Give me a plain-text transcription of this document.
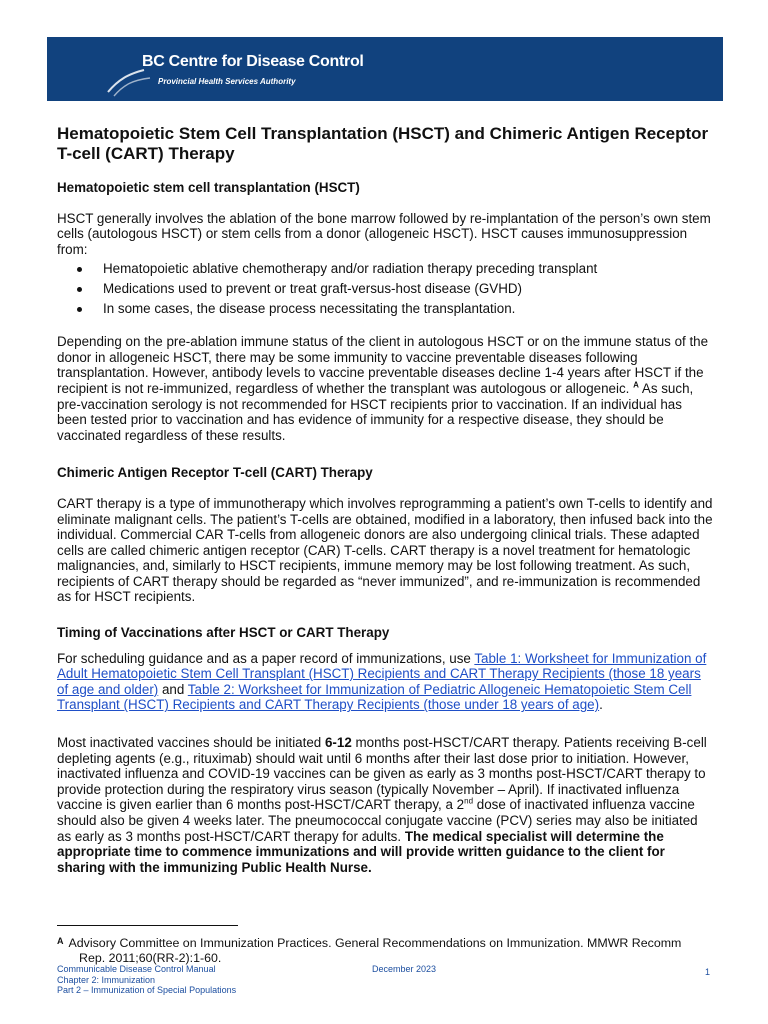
BC Centre for Disease Control
Provincial Health Services Authority
Hematopoietic Stem Cell Transplantation (HSCT) and Chimeric Antigen Receptor T-cell (CART) Therapy

Hematopoietic stem cell transplantation (HSCT)

HSCT generally involves the ablation of the bone marrow followed by re-implantation of the person’s own stem cells (autologous HSCT) or stem cells from a donor (allogeneic HSCT). HSCT causes immunosuppression from:

Hematopoietic ablative chemotherapy and/or radiation therapy preceding transplant
Medications used to prevent or treat graft-versus-host disease (GVHD)
In some cases, the disease process necessitating the transplantation.

Depending on the pre-ablation immune status of the client in autologous HSCT or on the immune status of the donor in allogeneic HSCT, there may be some immunity to vaccine preventable diseases following transplantation. However, antibody levels to vaccine preventable diseases decline 1-4 years after HSCT if the recipient is not re-immunized, regardless of whether the transplant was autologous or allogeneic. $^A$ As such, pre-vaccination serology is not recommended for HSCT recipients prior to vaccination. If an individual has been tested prior to vaccination and has evidence of immunity for a respective disease, they should be vaccinated regardless of these results.

Chimeric Antigen Receptor T-cell (CART) Therapy

CART therapy is a type of immunotherapy which involves reprogramming a patient’s own T-cells to identify and eliminate malignant cells. The patient’s T-cells are obtained, modified in a laboratory, then infused back into the individual. Commercial CAR T-cells from allogeneic donors are also undergoing clinical trials. These adapted cells are called chimeric antigen receptor (CAR) T-cells. CART therapy is a novel treatment for hematologic malignancies, and, similarly to HSCT recipients, immune memory may be lost following treatment. As such, recipients of CART therapy should be regarded as “never immunized”, and re-immunization is recommended as for HSCT recipients.

Timing of Vaccinations after HSCT or CART Therapy

For scheduling guidance and as a paper record of immunizations, use Table 1: Worksheet for Immunization of Adult Hematopoietic Stem Cell Transplant (HSCT) Recipients and CART Therapy Recipients (those 18 years of age and older) and Table 2: Worksheet for Immunization of Pediatric Allogeneic Hematopoietic Stem Cell Transplant (HSCT) Recipients and CART Therapy Recipients (those under 18 years of age).

Most inactivated vaccines should be initiated 6-12 months post-HSCT/CART therapy. Patients receiving B-cell depleting agents (e.g., rituximab) should wait until 6 months after their last dose prior to initiation. However, inactivated influenza and COVID-19 vaccines can be given as early as 3 months post-HSCT/CART therapy to provide protection during the respiratory virus season (typically November – April). If inactivated influenza vaccine is given earlier than 6 months post-HSCT/CART therapy, a 2nd dose of inactivated influenza vaccine should also be given 4 weeks later. The pneumococcal conjugate vaccine (PCV) series may also be initiated as early as 3 months post-HSCT/CART therapy for adults. The medical specialist will determine the appropriate time to commence immunizations and will provide written guidance to the client for sharing with the immunizing Public Health Nurse.

$^A$ Advisory Committee on Immunization Practices. General Recommendations on Immunization. MMWR Recomm
Rep. 2011;60(RR-2):1-60.
Communicable Disease Control Manual
Chapter 2: Immunization
Part 2 – Immunization of Special Populations
December 2023	1
